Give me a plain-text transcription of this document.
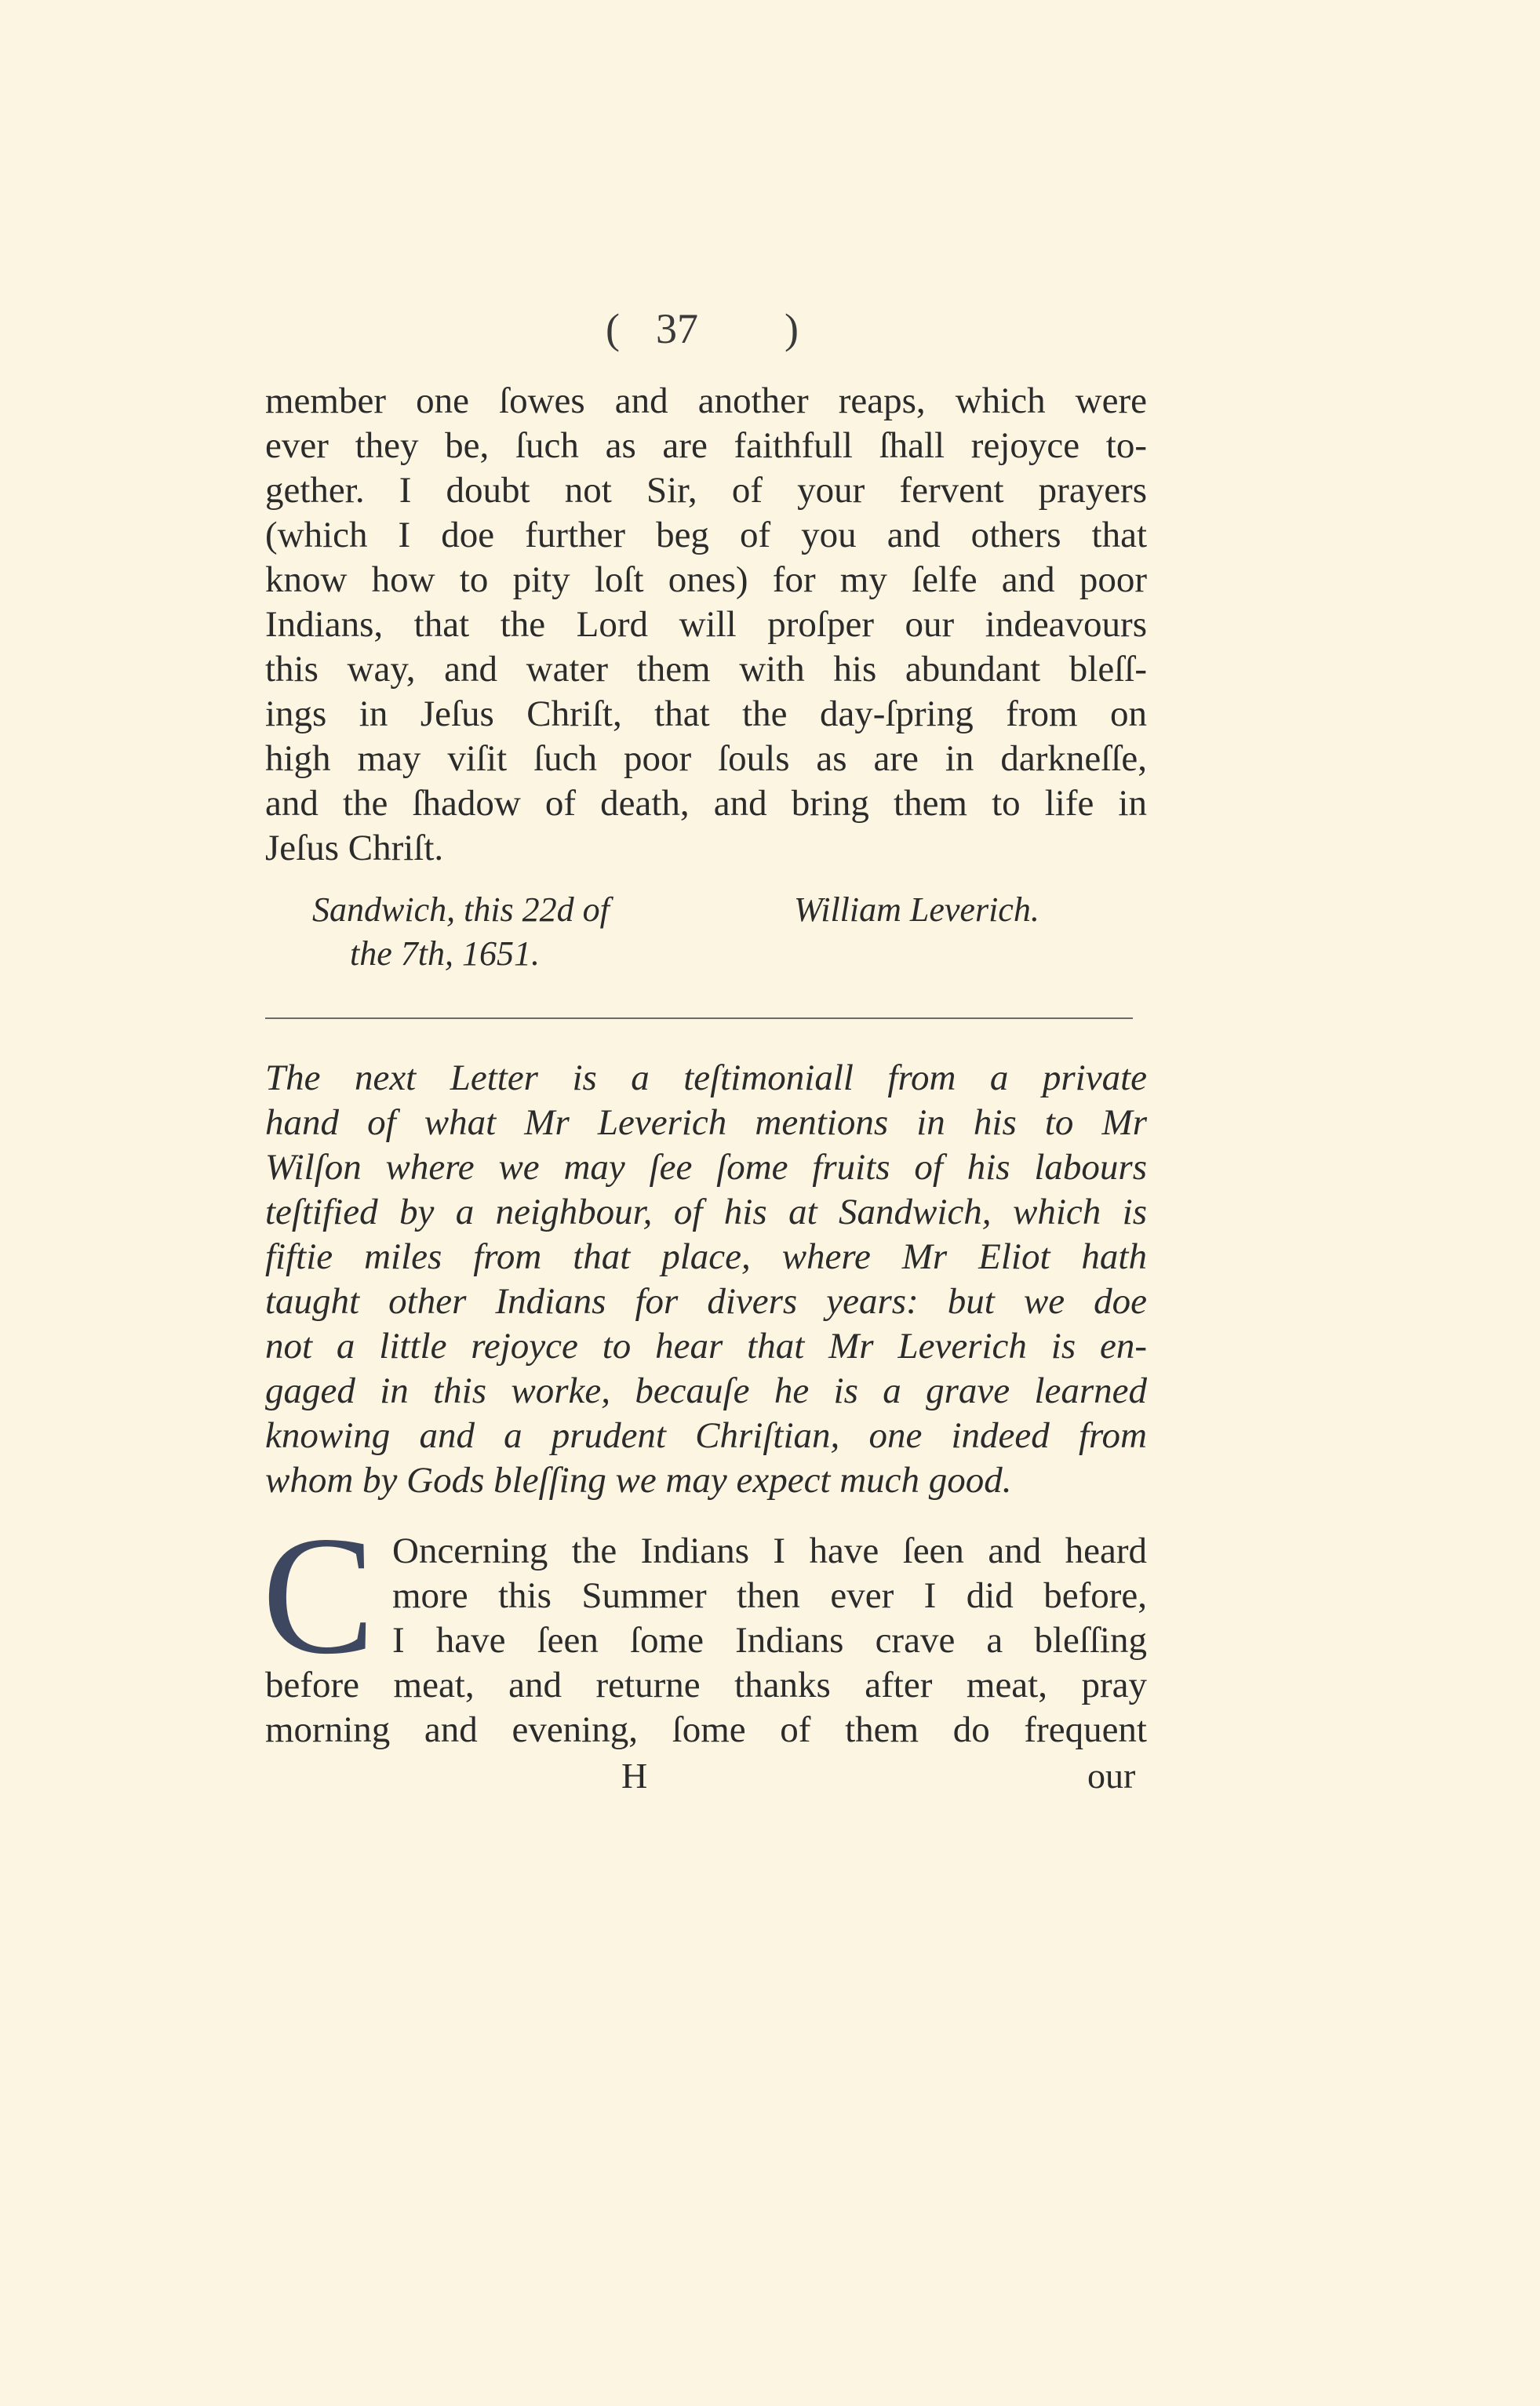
( 37 )
member one ſowes and another reaps, which were
ever they be, ſuch as are faithfull ſhall rejoyce to-
gether. I doubt not Sir, of your fervent prayers
(which I doe further beg of you and others that
know how to pity loſt ones) for my ſelfe and poor
Indians, that the Lord will proſper our indeavours
this way, and water them with his abundant bleſſ-
ings in Jeſus Chriſt, that the day-ſpring from on
high may viſit ſuch poor ſouls as are in darkneſſe,
and the ſhadow of death, and bring them to life in
Jeſus Chriſt.
Sandwich, this 22d of
the 7th, 1651.
William Leverich.
The next Letter is a teſtimoniall from a private
hand of what Mr Leverich mentions in his to Mr
Wilſon where we may ſee ſome fruits of his labours
teſtified by a neighbour, of his at Sandwich, which is
fiftie miles from that place, where Mr Eliot hath
taught other Indians for divers years: but we doe
not a little rejoyce to hear that Mr Leverich is en-
gaged in this worke, becauſe he is a grave learned
knowing and a prudent Chriſtian, one indeed from
whom by Gods bleſſing we may expect much good.
C Oncerning the Indians I have ſeen and heard
more this Summer then ever I did before,
I have ſeen ſome Indians crave a bleſſing
before meat, and returne thanks after meat, pray
morning and evening, ſome of them do frequent
H	our
